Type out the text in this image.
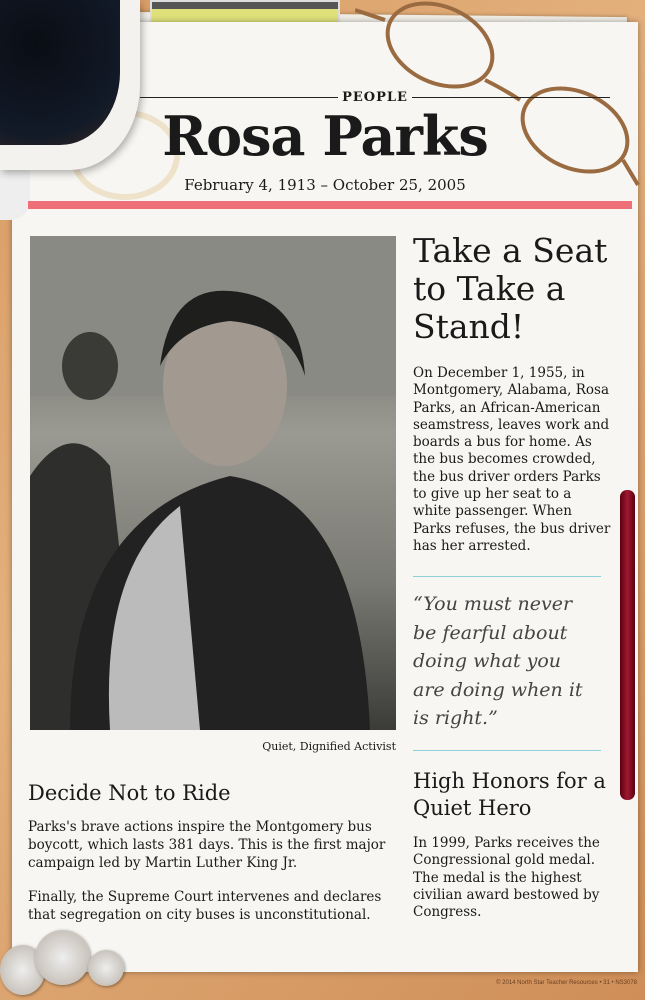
PEOPLE
Rosa Parks
February 4, 1913 – October 25, 2005
Quiet, Dignified Activist
Take a Seat to Take a Stand!

On December 1, 1955, in Montgomery, Alabama, Rosa Parks, an African-American seamstress, leaves work and boards a bus for home. As the bus becomes crowded, the bus driver orders Parks to give up her seat to a white passenger. When Parks refuses, the bus driver has her arrested.

“You must never be fearful about doing what you are doing when it is right.”

High Honors for a Quiet Hero

In 1999, Parks receives the Congressional gold medal. The medal is the highest civilian award bestowed by Congress.

Decide Not to Ride

Parks's brave actions inspire the Montgomery bus boycott, which lasts 381 days. This is the first major campaign led by Martin Luther King Jr.

Finally, the Supreme Court intervenes and declares that segregation on city buses is unconstitutional.

© 2014 North Star Teacher Resources • 31 • NS3078
